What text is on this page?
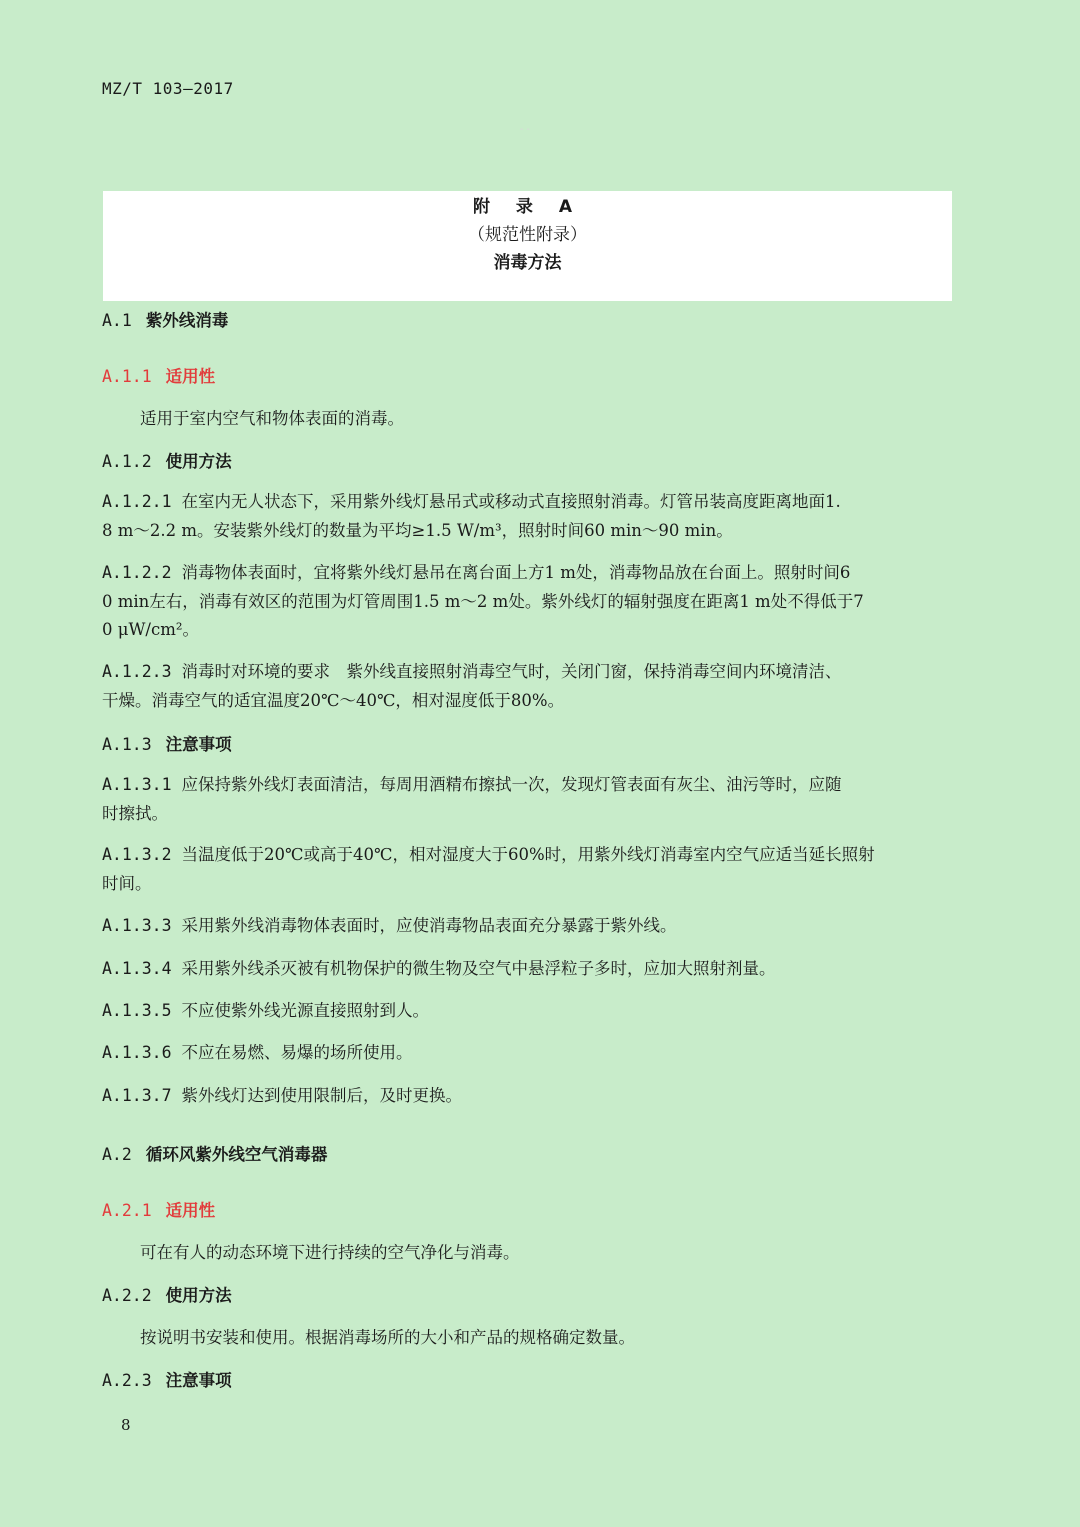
MZ/T 103—2017
- -
附 录 A
（规范性附录）
消毒方法
A.1 紫外线消毒
A.1.1 适用性
适用于室内空气和物体表面的消毒。
A.1.2 使用方法
A.1.2.1 在室内无人状态下，采用紫外线灯悬吊式或移动式直接照射消毒。灯管吊装高度距离地面1.
8 m～2.2 m。安装紫外线灯的数量为平均≥1.5 W/m³，照射时间60 min～90 min。
A.1.2.2 消毒物体表面时，宜将紫外线灯悬吊在离台面上方1 m处，消毒物品放在台面上。照射时间6
0 min左右，消毒有效区的范围为灯管周围1.5 m～2 m处。紫外线灯的辐射强度在距离1 m处不得低于7
0 μW/cm²。
A.1.2.3 消毒时对环境的要求　紫外线直接照射消毒空气时，关闭门窗，保持消毒空间内环境清洁、
干燥。消毒空气的适宜温度20℃～40℃，相对湿度低于80%。
A.1.3 注意事项
A.1.3.1 应保持紫外线灯表面清洁，每周用酒精布擦拭一次，发现灯管表面有灰尘、油污等时，应随
时擦拭。
A.1.3.2 当温度低于20℃或高于40℃，相对湿度大于60%时，用紫外线灯消毒室内空气应适当延长照射
时间。
A.1.3.3 采用紫外线消毒物体表面时，应使消毒物品表面充分暴露于紫外线。
A.1.3.4 采用紫外线杀灭被有机物保护的微生物及空气中悬浮粒子多时，应加大照射剂量。
A.1.3.5 不应使紫外线光源直接照射到人。
A.1.3.6 不应在易燃、易爆的场所使用。
A.1.3.7 紫外线灯达到使用限制后，及时更换。
A.2 循环风紫外线空气消毒器
A.2.1 适用性
可在有人的动态环境下进行持续的空气净化与消毒。
A.2.2 使用方法
按说明书安装和使用。根据消毒场所的大小和产品的规格确定数量。
A.2.3 注意事项
8
